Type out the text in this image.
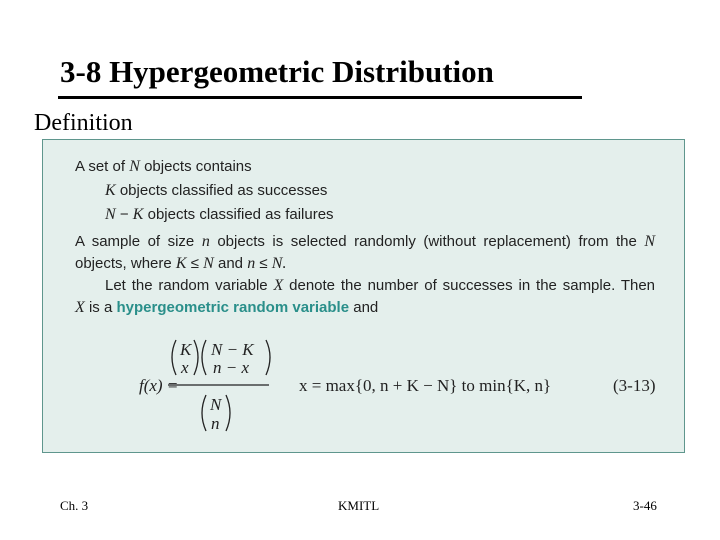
3-8 Hypergeometric Distribution
Definition
A set of N objects contains
K objects classified as successes
N − K objects classified as failures
A sample of size n objects is selected randomly (without replacement) from the N
objects, where K ≤ N and n ≤ N.
Let the random variable X denote the number of successes in the sample. Then
X is a hypergeometric random variable and
f(x) =
K
x
N − K
n − x
N
n
x = max{0, n + K − N} to min{K, n}	(3-13)
Ch. 3	KMITL	3-46
